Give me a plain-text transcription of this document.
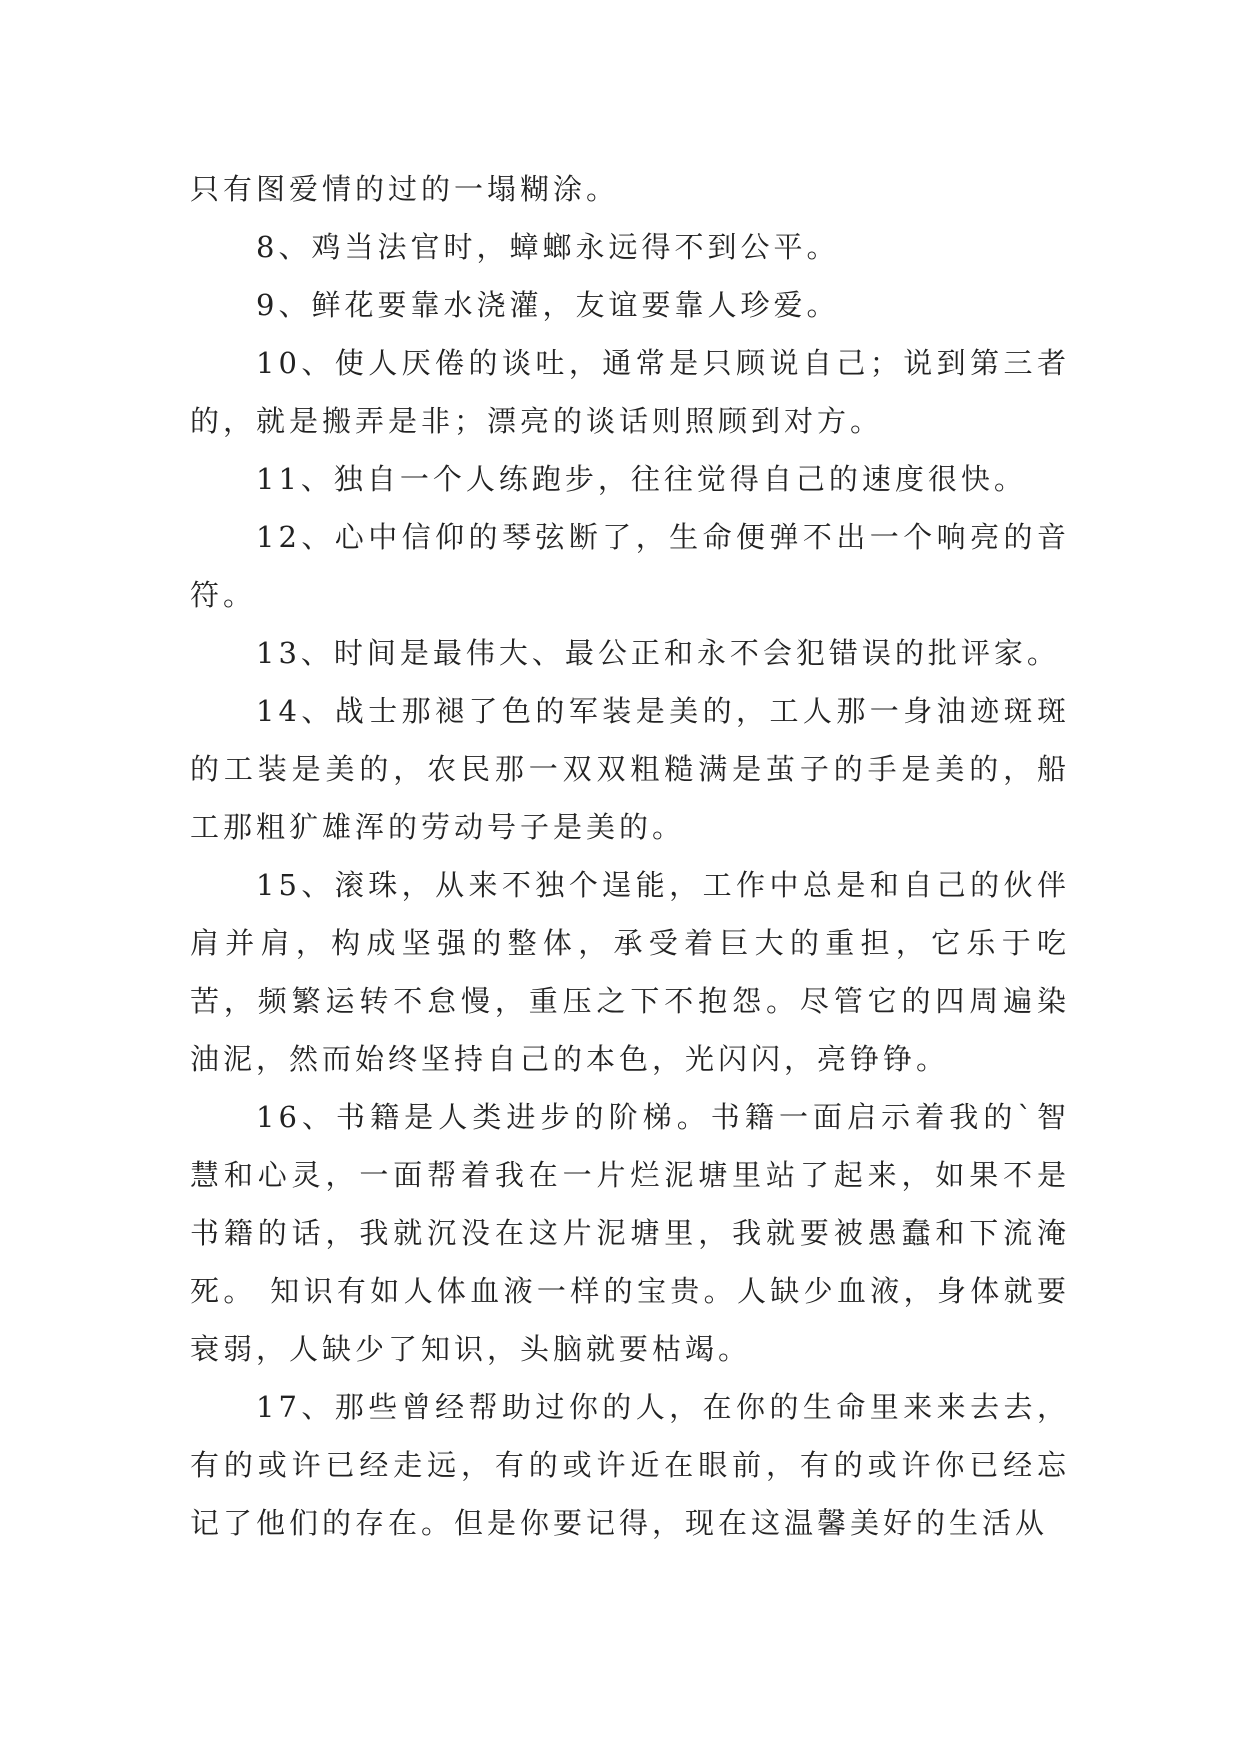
只有图爱情的过的一塌糊涂。

8、鸡当法官时，蟑螂永远得不到公平。

9、鲜花要靠水浇灌，友谊要靠人珍爱。

10、使人厌倦的谈吐，通常是只顾说自己；说到第三者的，就是搬弄是非；漂亮的谈话则照顾到对方。

11、独自一个人练跑步，往往觉得自己的速度很快。

12、心中信仰的琴弦断了，生命便弹不出一个响亮的音符。

13、时间是最伟大、最公正和永不会犯错误的批评家。

14、战士那褪了色的军装是美的，工人那一身油迹斑斑的工装是美的，农民那一双双粗糙满是茧子的手是美的，船工那粗犷雄浑的劳动号子是美的。

15、滚珠，从来不独个逞能，工作中总是和自己的伙伴肩并肩，构成坚强的整体，承受着巨大的重担，它乐于吃苦，频繁运转不怠慢，重压之下不抱怨。尽管它的四周遍染油泥，然而始终坚持自己的本色，光闪闪，亮铮铮。

16、书籍是人类进步的阶梯。书籍一面启示着我的`智慧和心灵，一面帮着我在一片烂泥塘里站了起来，如果不是书籍的话，我就沉没在这片泥塘里，我就要被愚蠢和下流淹死。 知识有如人体血液一样的宝贵。人缺少血液，身体就要衰弱，人缺少了知识，头脑就要枯竭。

17、那些曾经帮助过你的人，在你的生命里来来去去，有的或许已经走远，有的或许近在眼前，有的或许你已经忘记了他们的存在。但是你要记得，现在这温馨美好的生活从
